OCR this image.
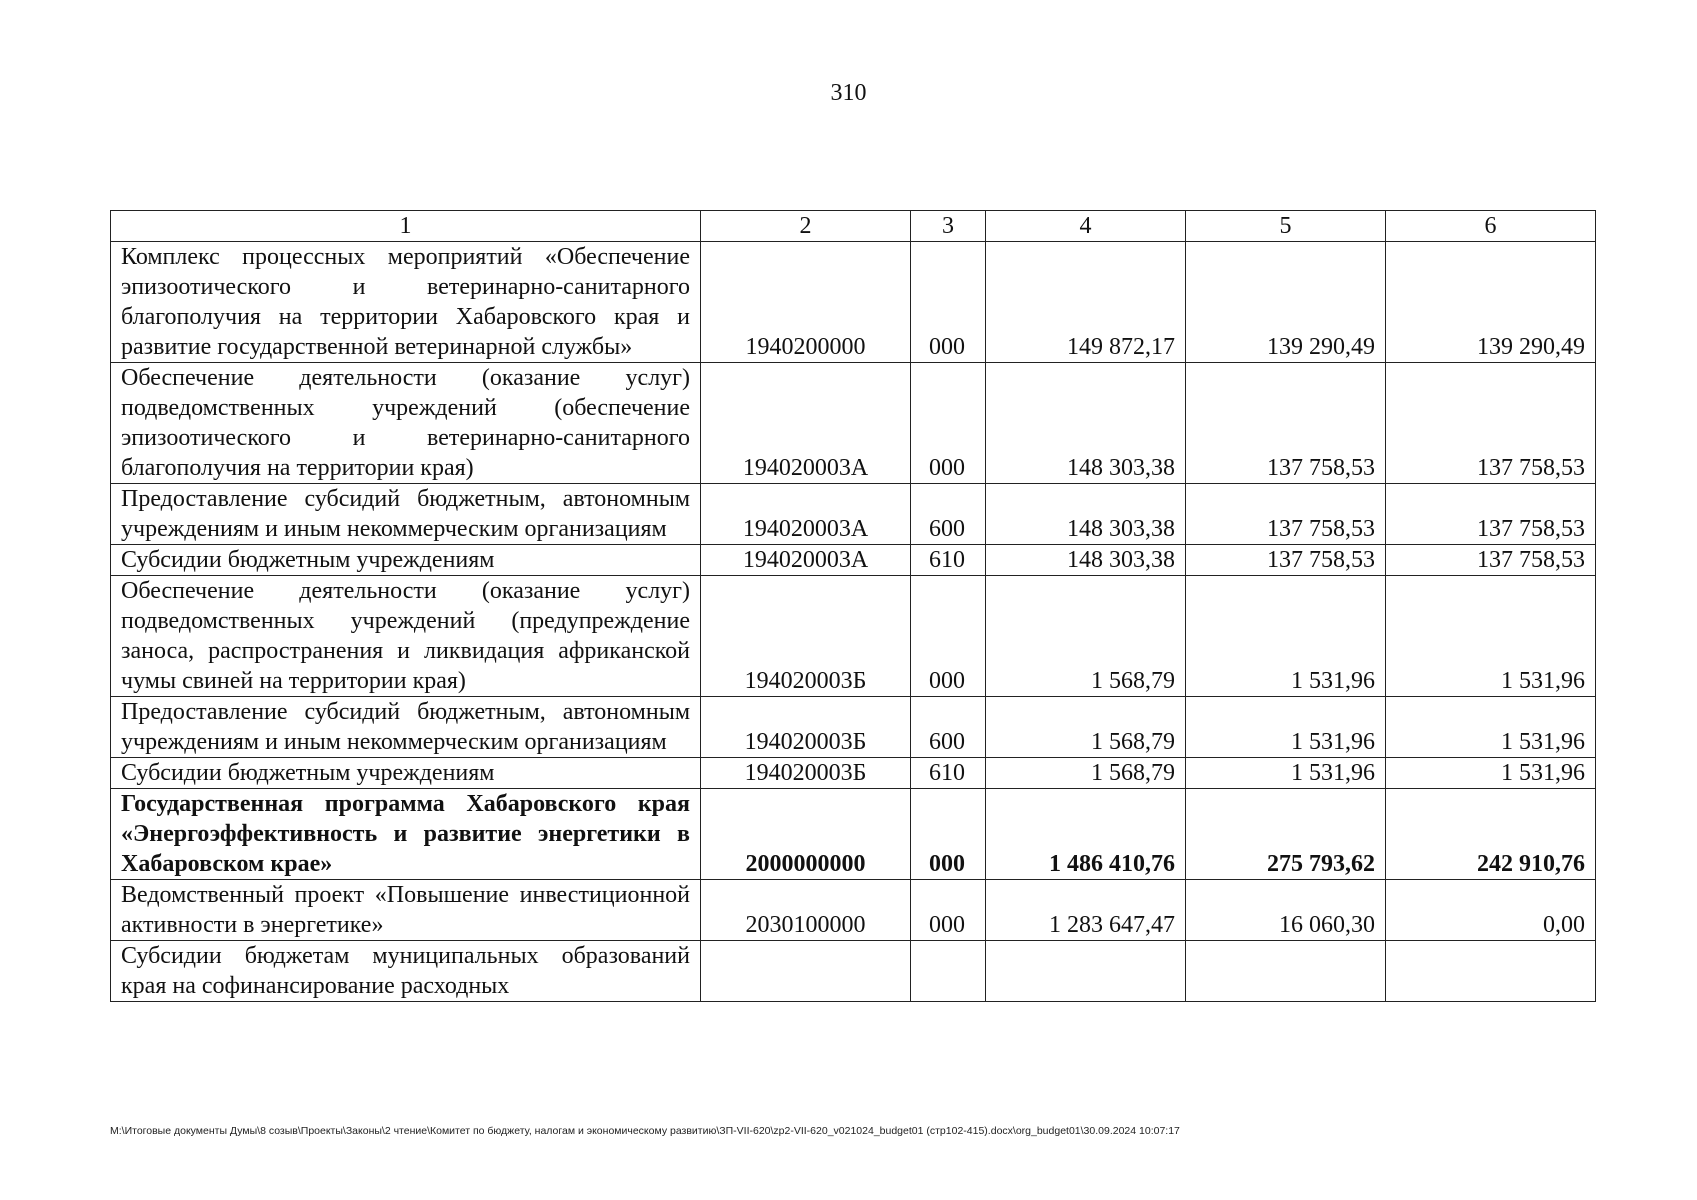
310
1	2	3	4	5	6
Комплекс процессных мероприятий «Обеспечение эпизоотического и ветеринарно-санитарного благополучия на территории Хабаровского края и развитие государственной ветеринарной службы»	1940200000	000	149 872,17	139 290,49	139 290,49
Обеспечение деятельности (оказание услуг) подведомственных учреждений (обеспечение эпизоотического и ветеринарно-санитарного благополучия на территории края)	194020003А	000	148 303,38	137 758,53	137 758,53
Предоставление субсидий бюджетным, автономным учреждениям и иным некоммерческим организациям	194020003А	600	148 303,38	137 758,53	137 758,53
Субсидии бюджетным учреждениям	194020003А	610	148 303,38	137 758,53	137 758,53
Обеспечение деятельности (оказание услуг) подведомственных учреждений (предупреждение заноса, распространения и ликвидация африканской чумы свиней на территории края)	194020003Б	000	1 568,79	1 531,96	1 531,96
Предоставление субсидий бюджетным, автономным учреждениям и иным некоммерческим организациям	194020003Б	600	1 568,79	1 531,96	1 531,96
Субсидии бюджетным учреждениям	194020003Б	610	1 568,79	1 531,96	1 531,96
Государственная программа Хабаровского края «Энергоэффективность и развитие энергетики в Хабаровском крае»	2000000000	000	1 486 410,76	275 793,62	242 910,76
Ведомственный проект «Повышение инвестиционной активности в энергетике»	2030100000	000	1 283 647,47	16 060,30	0,00
Субсидии бюджетам муниципальных образований края на софинансирование расходных					
M:\Итоговые документы Думы\8 созыв\Проекты\Законы\2 чтение\Комитет по бюджету, налогам и экономическому развитию\ЗП-VII-620\zp2-VII-620_v021024_budget01 (стр102-415).docx\org_budget01\30.09.2024 10:07:17
